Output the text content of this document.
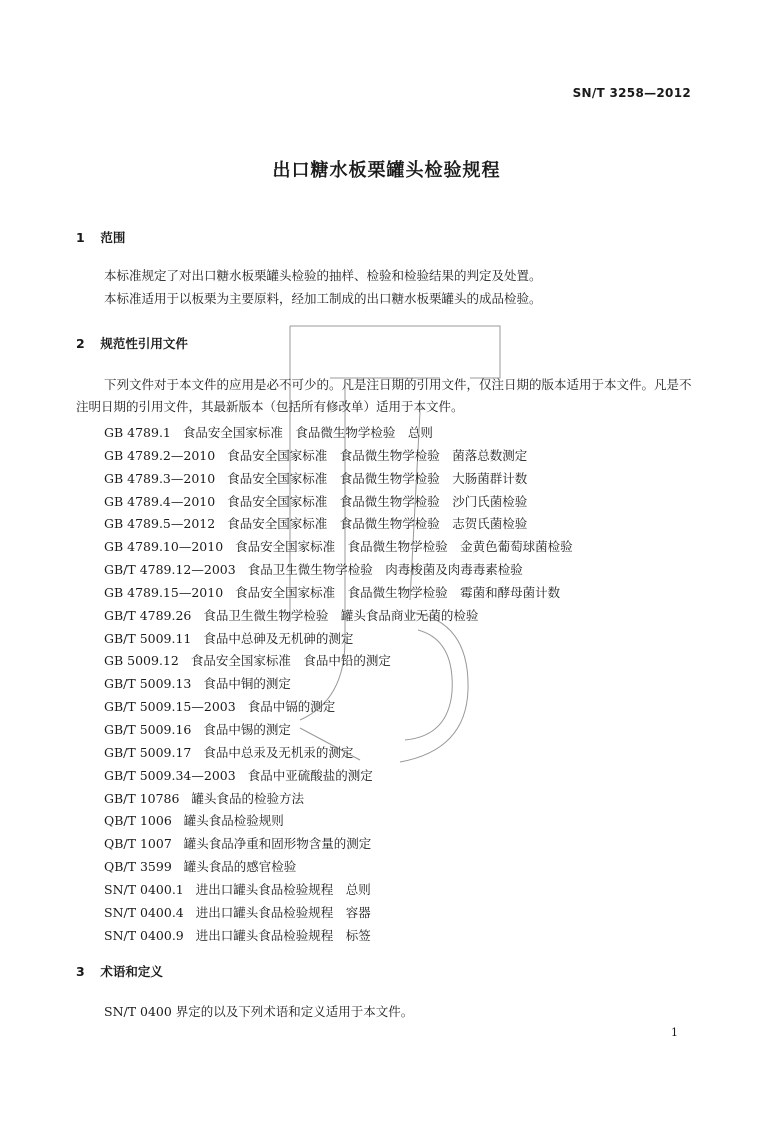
SN/T 3258—2012
出口糖水板栗罐头检验规程
1 范围
本标准规定了对出口糖水板栗罐头检验的抽样、检验和检验结果的判定及处置。
本标准适用于以板栗为主要原料，经加工制成的出口糖水板栗罐头的成品检验。
2 规范性引用文件
下列文件对于本文件的应用是必不可少的。凡是注日期的引用文件，仅注日期的版本适用于本文件。凡是不注明日期的引用文件，其最新版本（包括所有修改单）适用于本文件。
GB 4789.1 食品安全国家标准　食品微生物学检验　总则
GB 4789.2—2010 食品安全国家标准　食品微生物学检验　菌落总数测定
GB 4789.3—2010 食品安全国家标准　食品微生物学检验　大肠菌群计数
GB 4789.4—2010 食品安全国家标准　食品微生物学检验　沙门氏菌检验
GB 4789.5—2012 食品安全国家标准　食品微生物学检验　志贺氏菌检验
GB 4789.10—2010 食品安全国家标准　食品微生物学检验　金黄色葡萄球菌检验
GB/T 4789.12—2003 食品卫生微生物学检验　肉毒梭菌及肉毒毒素检验
GB 4789.15—2010 食品安全国家标准　食品微生物学检验　霉菌和酵母菌计数
GB/T 4789.26 食品卫生微生物学检验　罐头食品商业无菌的检验
GB/T 5009.11 食品中总砷及无机砷的测定
GB 5009.12 食品安全国家标准　食品中铅的测定
GB/T 5009.13 食品中铜的测定
GB/T 5009.15—2003 食品中镉的测定
GB/T 5009.16 食品中锡的测定
GB/T 5009.17 食品中总汞及无机汞的测定
GB/T 5009.34—2003 食品中亚硫酸盐的测定
GB/T 10786 罐头食品的检验方法
QB/T 1006 罐头食品检验规则
QB/T 1007 罐头食品净重和固形物含量的测定
QB/T 3599 罐头食品的感官检验
SN/T 0400.1 进出口罐头食品检验规程　总则
SN/T 0400.4 进出口罐头食品检验规程　容器
SN/T 0400.9 进出口罐头食品检验规程　标签
3 术语和定义
SN/T 0400 界定的以及下列术语和定义适用于本文件。
1
